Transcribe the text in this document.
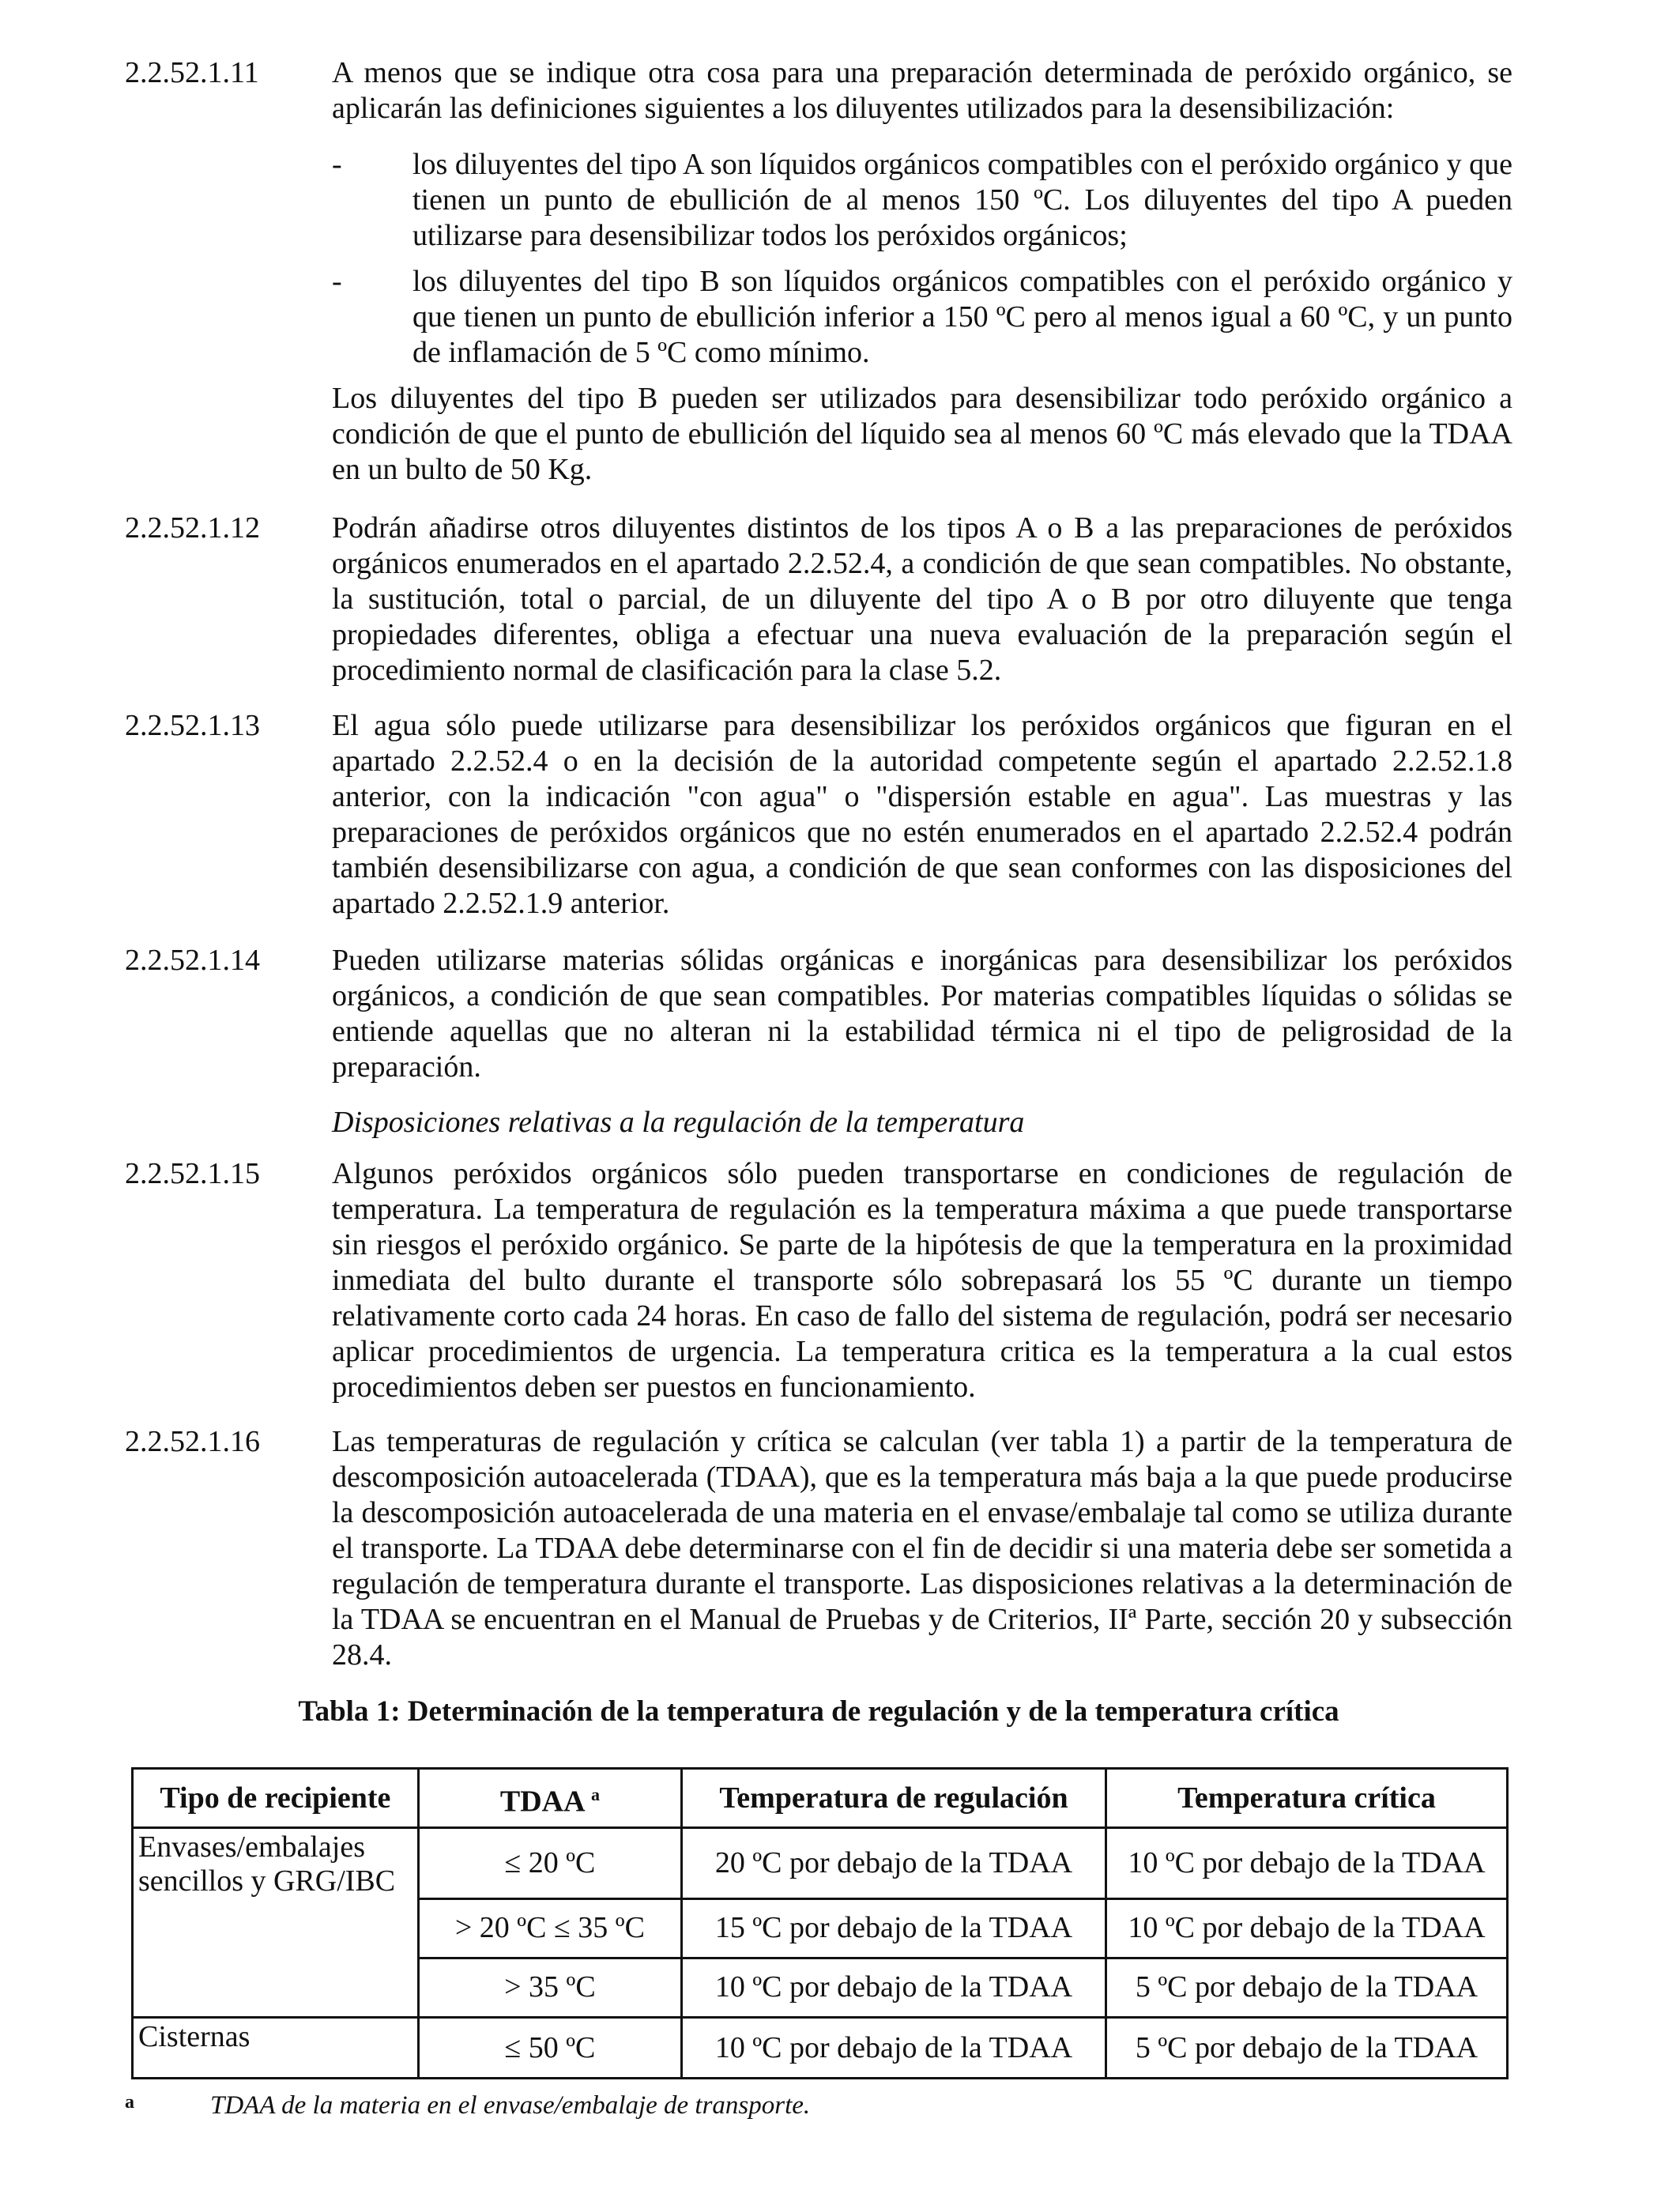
2.2.52.1.11	A menos que se indique otra cosa para una preparación determinada de peróxido orgánico, se aplicarán las definiciones siguientes a los diluyentes utilizados para la desensibilización:
-	los diluyentes del tipo A son líquidos orgánicos compatibles con el peróxido orgánico y que tienen un punto de ebullición de al menos 150 ºC. Los diluyentes del tipo A pueden utilizarse para desensibilizar todos los peróxidos orgánicos;
-	los diluyentes del tipo B son líquidos orgánicos compatibles con el peróxido orgánico y que tienen un punto de ebullición inferior a 150 ºC pero al menos igual a 60 ºC, y un punto de inflamación de 5 ºC como mínimo.
Los diluyentes del tipo B pueden ser utilizados para desensibilizar todo peróxido orgánico a condición de que el punto de ebullición del líquido sea al menos 60 ºC más elevado que la TDAA en un bulto de 50 Kg.
2.2.52.1.12	Podrán añadirse otros diluyentes distintos de los tipos A o B a las preparaciones de peróxidos orgánicos enumerados en el apartado 2.2.52.4, a condición de que sean compatibles. No obstante, la sustitución, total o parcial, de un diluyente del tipo A o B por otro diluyente que tenga propiedades diferentes, obliga a efectuar una nueva evaluación de la preparación según el procedimiento normal de clasificación para la clase 5.2.
2.2.52.1.13	El agua sólo puede utilizarse para desensibilizar los peróxidos orgánicos que figuran en el apartado 2.2.52.4 o en la decisión de la autoridad competente según el apartado 2.2.52.1.8 anterior, con la indicación "con agua" o "dispersión estable en agua". Las muestras y las preparaciones de peróxidos orgánicos que no estén enumerados en el apartado 2.2.52.4 podrán también desensibilizarse con agua, a condición de que sean conformes con las disposiciones del apartado 2.2.52.1.9 anterior.
2.2.52.1.14	Pueden utilizarse materias sólidas orgánicas e inorgánicas para desensibilizar los peróxidos orgánicos, a condición de que sean compatibles. Por materias compatibles líquidas o sólidas se entiende aquellas que no alteran ni la estabilidad térmica ni el tipo de peligrosidad de la preparación.
Disposiciones relativas a la regulación de la temperatura
2.2.52.1.15	Algunos peróxidos orgánicos sólo pueden transportarse en condiciones de regulación de temperatura. La temperatura de regulación es la temperatura máxima a que puede transportarse sin riesgos el peróxido orgánico. Se parte de la hipótesis de que la temperatura en la proximidad inmediata del bulto durante el transporte sólo sobrepasará los 55 ºC durante un tiempo relativamente corto cada 24 horas. En caso de fallo del sistema de regulación, podrá ser necesario aplicar procedimientos de urgencia. La temperatura critica es la temperatura a la cual estos procedimientos deben ser puestos en funcionamiento.
2.2.52.1.16	Las temperaturas de regulación y crítica se calculan (ver tabla 1) a partir de la temperatura de descomposición autoacelerada (TDAA), que es la temperatura más baja a la que puede producirse la descomposición autoacelerada de una materia en el envase/embalaje tal como se utiliza durante el transporte. La TDAA debe determinarse con el fin de decidir si una materia debe ser sometida a regulación de temperatura durante el transporte. Las disposiciones relativas a la determinación de la TDAA se encuentran en el Manual de Pruebas y de Criterios, IIª Parte, sección 20 y subsección 28.4.
Tabla 1: Determinación de la temperatura de regulación y de la temperatura crítica
Tipo de recipiente	TDAA $^a$	Temperatura de regulación	Temperatura crítica
Envases/embalajes sencillos y GRG/IBC	≤ 20 ºC	20 ºC por debajo de la TDAA	10 ºC por debajo de la TDAA
	> 20 ºC ≤ 35 ºC	15 ºC por debajo de la TDAA	10 ºC por debajo de la TDAA
	> 35 ºC	10 ºC por debajo de la TDAA	5 ºC por debajo de la TDAA
Cisternas	≤ 50 ºC	10 ºC por debajo de la TDAA	5 ºC por debajo de la TDAA
a	TDAA de la materia en el envase/embalaje de transporte.
